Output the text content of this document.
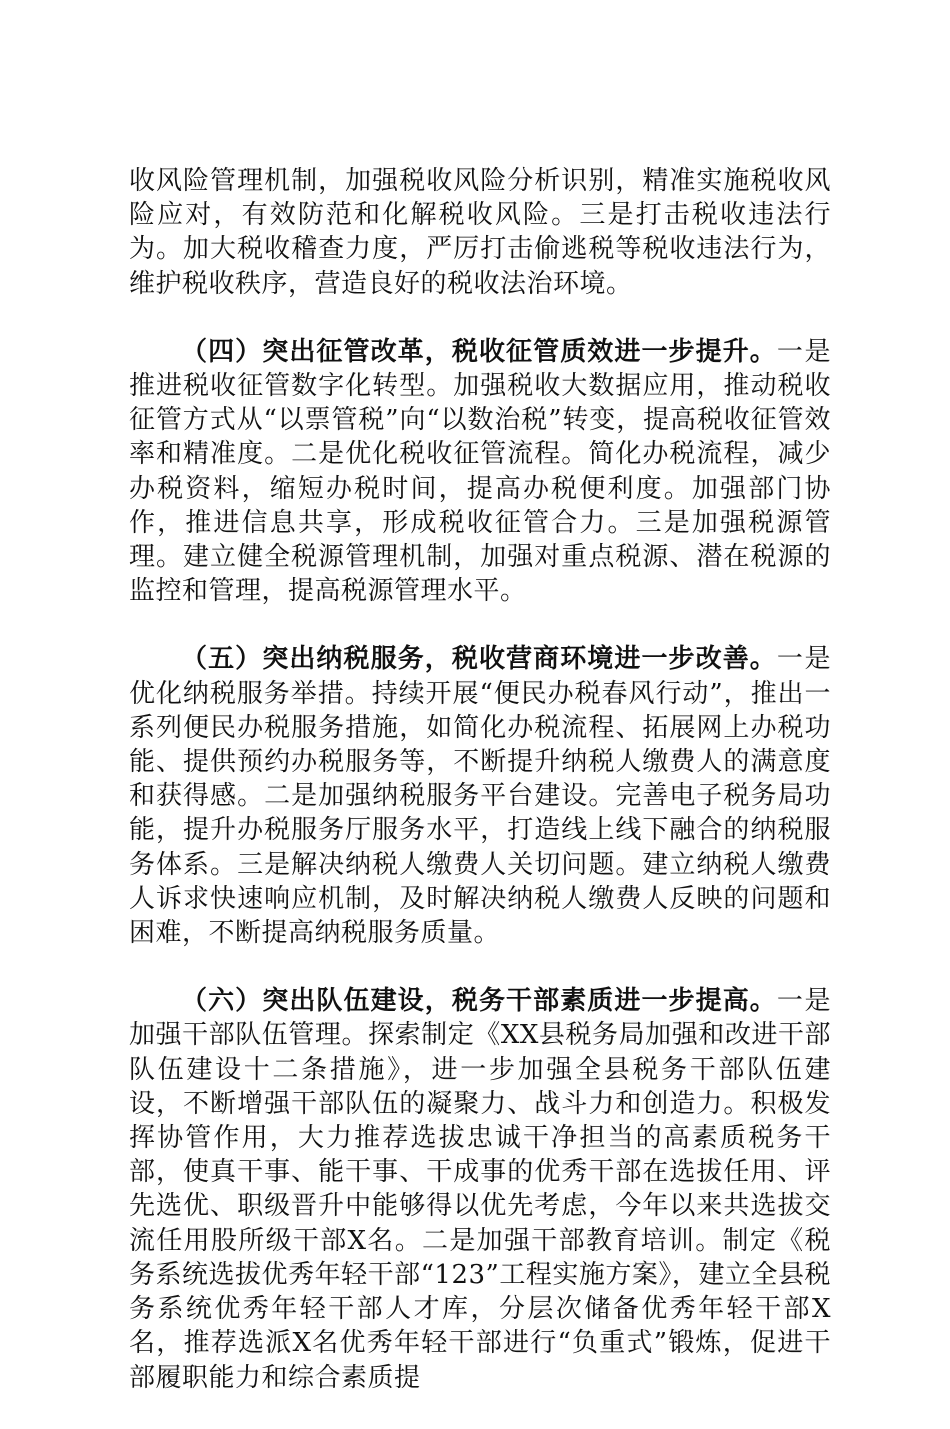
收风险管理机制，加强税收风险分析识别，精准实施税收风险应对，有效防范和化解税收风险。三是打击税收违法行为。加大税收稽查力度，严厉打击偷逃税等税收违法行为，维护税收秩序，营造良好的税收法治环境。

（四）突出征管改革，税收征管质效进一步提升。一是推进税收征管数字化转型。加强税收大数据应用，推动税收征管方式从“以票管税”向“以数治税”转变，提高税收征管效率和精准度。二是优化税收征管流程。简化办税流程，减少办税资料，缩短办税时间，提高办税便利度。加强部门协作，推进信息共享，形成税收征管合力。三是加强税源管理。建立健全税源管理机制，加强对重点税源、潜在税源的监控和管理，提高税源管理水平。

（五）突出纳税服务，税收营商环境进一步改善。一是优化纳税服务举措。持续开展“便民办税春风行动”，推出一系列便民办税服务措施，如简化办税流程、拓展网上办税功能、提供预约办税服务等，不断提升纳税人缴费人的满意度和获得感。二是加强纳税服务平台建设。完善电子税务局功能，提升办税服务厅服务水平，打造线上线下融合的纳税服务体系。三是解决纳税人缴费人关切问题。建立纳税人缴费人诉求快速响应机制，及时解决纳税人缴费人反映的问题和困难，不断提高纳税服务质量。

（六）突出队伍建设，税务干部素质进一步提高。一是加强干部队伍管理。探索制定《XX县税务局加强和改进干部队伍建设十二条措施》，进一步加强全县税务干部队伍建设，不断增强干部队伍的凝聚力、战斗力和创造力。积极发挥协管作用，大力推荐选拔忠诚干净担当的高素质税务干部，使真干事、能干事、干成事的优秀干部在选拔任用、评先选优、职级晋升中能够得以优先考虑，今年以来共选拔交流任用股所级干部X名。二是加强干部教育培训。制定《税务系统选拔优秀年轻干部“123”工程实施方案》，建立全县税务系统优秀年轻干部人才库，分层次储备优秀年轻干部X名，推荐选派X名优秀年轻干部进行“负重式”锻炼，促进干部履职能力和综合素质提
